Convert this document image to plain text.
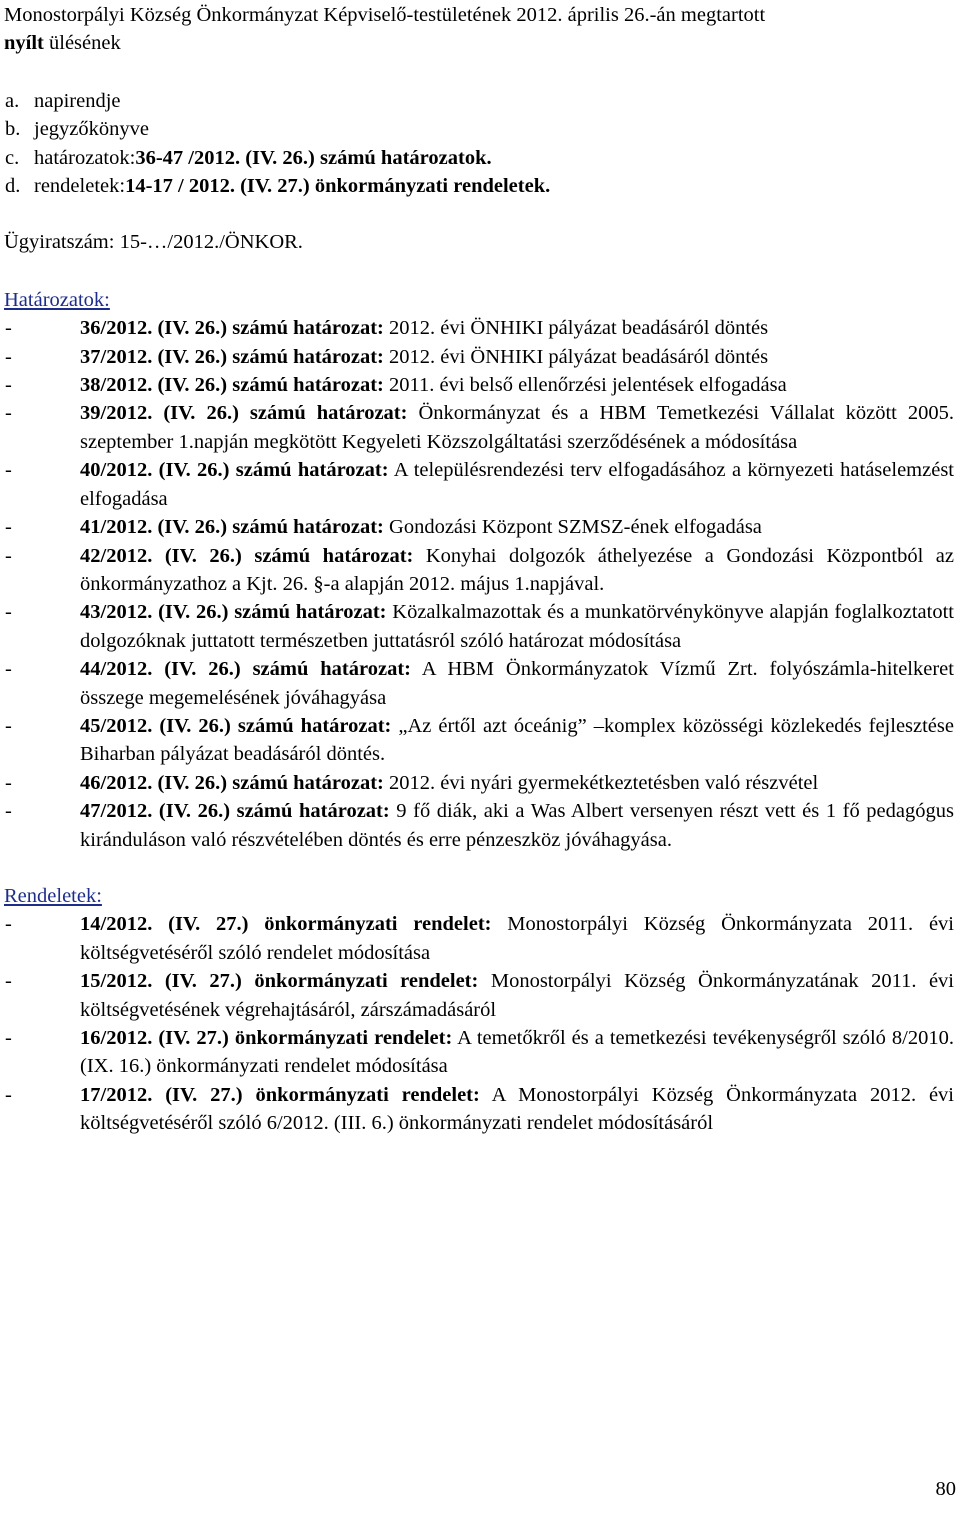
Monostorpályi Község Önkormányzat Képviselő-testületének 2012. április 26.-án megtartott
nyílt ülésének
a. napirendje
b. jegyzőkönyve
c. határozatok: 36-47 /2012. (IV. 26.) számú határozatok.
d. rendeletek: 14-17 / 2012. (IV. 27.) önkormányzati rendeletek.
Ügyiratszám: 15-…/2012./ÖNKOR.
Határozatok:
-	36/2012. (IV. 26.) számú határozat: 2012. évi ÖNHIKI pályázat beadásáról döntés
-	37/2012. (IV. 26.) számú határozat: 2012. évi ÖNHIKI pályázat beadásáról döntés
-	38/2012. (IV. 26.) számú határozat: 2011. évi belső ellenőrzési jelentések elfogadása
-	39/2012. (IV. 26.) számú határozat: Önkormányzat és a HBM Temetkezési Vállalat között 2005. szeptember 1.napján megkötött Kegyeleti Közszolgáltatási szerződésének a módosítása
-	40/2012. (IV. 26.) számú határozat: A településrendezési terv elfogadásához a környezeti hatáselemzést elfogadása
-	41/2012. (IV. 26.) számú határozat: Gondozási Központ SZMSZ-ének elfogadása
-	42/2012. (IV. 26.) számú határozat: Konyhai dolgozók áthelyezése a Gondozási Központból az önkormányzathoz a Kjt. 26. §-a alapján 2012. május 1.napjával.
-	43/2012. (IV. 26.) számú határozat: Közalkalmazottak és a munkatörvénykönyve alapján foglalkoztatott dolgozóknak juttatott természetben juttatásról szóló határozat módosítása
-	44/2012. (IV. 26.) számú határozat: A HBM Önkormányzatok Vízmű Zrt. folyószámla-hitelkeret összege megemelésének jóváhagyása
-	45/2012. (IV. 26.) számú határozat: „Az értől azt óceánig” –komplex közösségi közlekedés fejlesztése Biharban pályázat beadásáról döntés.
-	46/2012. (IV. 26.) számú határozat: 2012. évi nyári gyermekétkeztetésben való részvétel
-	47/2012. (IV. 26.) számú határozat: 9 fő diák, aki a Was Albert versenyen részt vett és 1 fő pedagógus kiránduláson való részvételében döntés és erre pénzeszköz jóváhagyása.
Rendeletek:
-	14/2012. (IV. 27.) önkormányzati rendelet: Monostorpályi Község Önkormányzata 2011. évi költségvetéséről szóló rendelet módosítása
-	15/2012. (IV. 27.) önkormányzati rendelet: Monostorpályi Község Önkormányzatának 2011. évi költségvetésének végrehajtásáról, zárszámadásáról
-	16/2012. (IV. 27.) önkormányzati rendelet: A temetőkről és a temetkezési tevékenységről szóló 8/2010. (IX. 16.) önkormányzati rendelet módosítása
-	17/2012. (IV. 27.) önkormányzati rendelet: A Monostorpályi Község Önkormányzata 2012. évi költségvetéséről szóló 6/2012. (III. 6.) önkormányzati rendelet módosításáról
80
